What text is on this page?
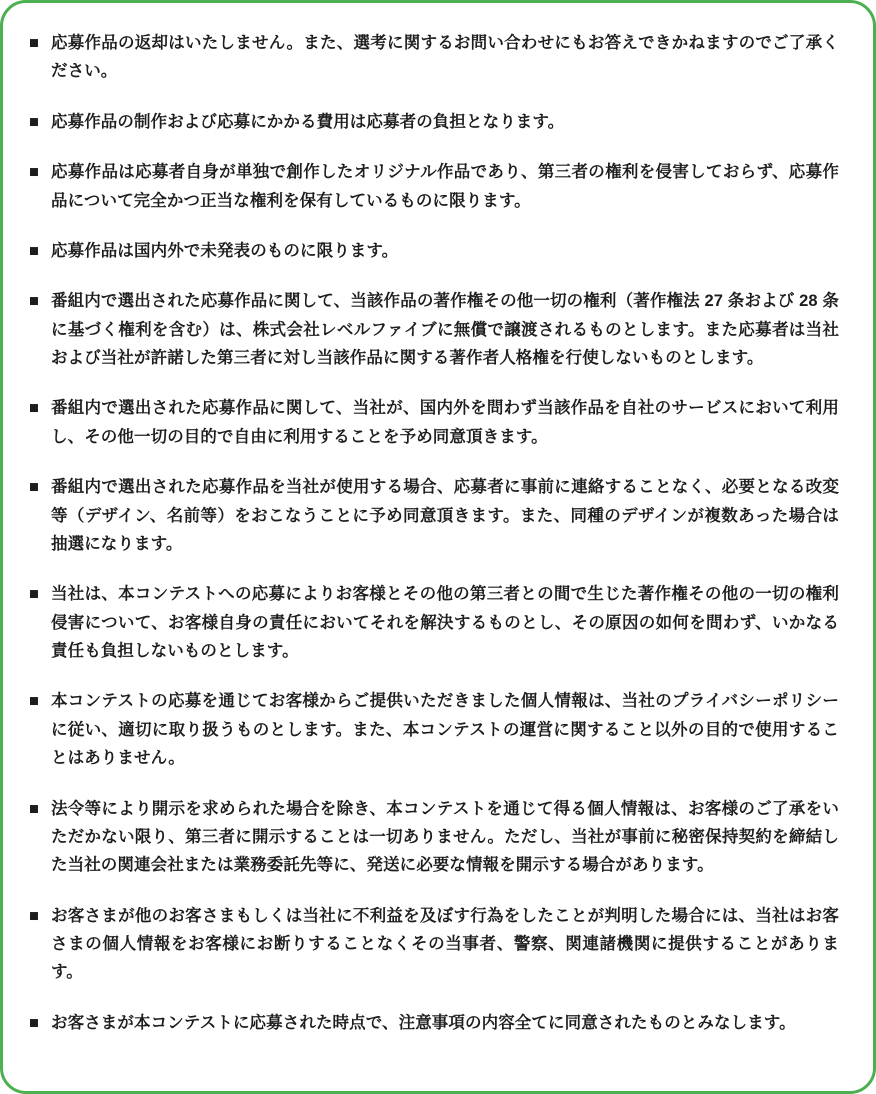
■ 応募作品の返却はいたしません。また、選考に関するお問い合わせにもお答えできかねますのでご了承ください。
■ 応募作品の制作および応募にかかる費用は応募者の負担となります。
■ 応募作品は応募者自身が単独で創作したオリジナル作品であり、第三者の権利を侵害しておらず、応募作品について完全かつ正当な権利を保有しているものに限ります。
■ 応募作品は国内外で未発表のものに限ります。
■ 番組内で選出された応募作品に関して、当該作品の著作権その他一切の権利（著作権法 27 条および 28 条に基づく権利を含む）は、株式会社レベルファイブに無償で譲渡されるものとします。また応募者は当社および当社が許諾した第三者に対し当該作品に関する著作者人格権を行使しないものとします。
■ 番組内で選出された応募作品に関して、当社が、国内外を問わず当該作品を自社のサービスにおいて利用し、その他一切の目的で自由に利用することを予め同意頂きます。
■ 番組内で選出された応募作品を当社が使用する場合、応募者に事前に連絡することなく、必要となる改変等（デザイン、名前等）をおこなうことに予め同意頂きます。また、同種のデザインが複数あった場合は抽選になります。
■ 当社は、本コンテストへの応募によりお客様とその他の第三者との間で生じた著作権その他の一切の権利侵害について、お客様自身の責任においてそれを解決するものとし、その原因の如何を問わず、いかなる責任も負担しないものとします。
■ 本コンテストの応募を通じてお客様からご提供いただきました個人情報は、当社のプライバシーポリシーに従い、適切に取り扱うものとします。また、本コンテストの運営に関すること以外の目的で使用することはありません。
■ 法令等により開示を求められた場合を除き、本コンテストを通じて得る個人情報は、お客様のご了承をいただかない限り、第三者に開示することは一切ありません。ただし、当社が事前に秘密保持契約を締結した当社の関連会社または業務委託先等に、発送に必要な情報を開示する場合があります。
■ お客さまが他のお客さまもしくは当社に不利益を及ぼす行為をしたことが判明した場合には、当社はお客さまの個人情報をお客様にお断りすることなくその当事者、警察、関連諸機関に提供することがあります。
■ お客さまが本コンテストに応募された時点で、注意事項の内容全てに同意されたものとみなします。
